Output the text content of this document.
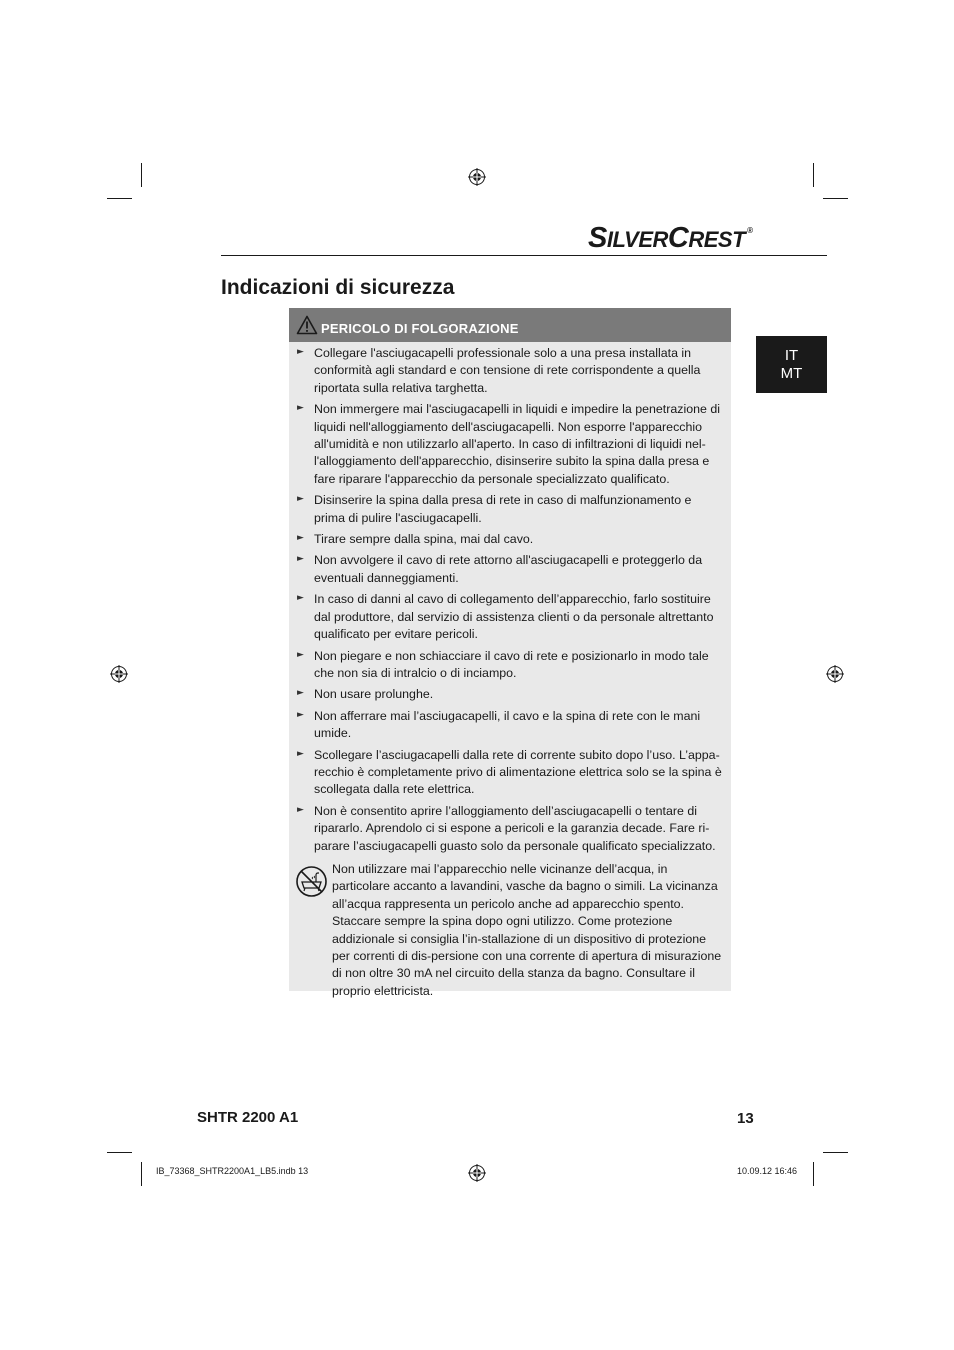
SILVERCREST ®
Indicazioni di sicurezza
IT
MT
PERICOLO DI FOLGORAZIONE
► Collegare l'asciugacapelli professionale solo a una presa installata in conformità agli standard e con tensione di rete corrispondente a quella riportata sulla relativa targhetta.
► Non immergere mai l'asciugacapelli in liquidi e impedire la penetrazione di liquidi nell'alloggiamento dell'asciugacapelli. Non esporre l'apparecchio all'umidità e non utilizzarlo all'aperto. In caso di infiltrazioni di liquidi nel-l'alloggiamento dell'apparecchio, disinserire subito la spina dalla presa e fare riparare l'apparecchio da personale specializzato qualificato.
► Disinserire la spina dalla presa di rete in caso di malfunzionamento e prima di pulire l'asciugacapelli.
► Tirare sempre dalla spina, mai dal cavo.
► Non avvolgere il cavo di rete attorno all'asciugacapelli e proteggerlo da eventuali danneggiamenti.
► In caso di danni al cavo di collegamento dell’apparecchio, farlo sostituire dal produttore, dal servizio di assistenza clienti o da personale altrettanto qualificato per evitare pericoli.
► Non piegare e non schiacciare il cavo di rete e posizionarlo in modo tale che non sia di intralcio o di inciampo.
► Non usare prolunghe.
► Non afferrare mai l’asciugacapelli, il cavo e la spina di rete con le mani umide.
► Scollegare l’asciugacapelli dalla rete di corrente subito dopo l’uso. L’appa-recchio è completamente privo di alimentazione elettrica solo se la spina è scollegata dalla rete elettrica.
► Non è consentito aprire l’alloggiamento dell’asciugacapelli o tentare di ripararlo. Aprendolo ci si espone a pericoli e la garanzia decade. Fare ri-parare l’asciugacapelli guasto solo da personale qualificato specializzato.
Non utilizzare mai l’apparecchio nelle vicinanze dell’acqua, in particolare accanto a lavandini, vasche da bagno o simili. La vicinanza all’acqua rappresenta un pericolo anche ad apparecchio spento. Staccare sempre la spina dopo ogni utilizzo. Come protezione addizionale si consiglia l’in-stallazione di un dispositivo di protezione per correnti di dis-persione con una corrente di apertura di misurazione di non oltre 30 mA nel circuito della stanza da bagno. Consultare il proprio elettricista.
SHTR 2200 A1	13
IB_73368_SHTR2200A1_LB5.indb 13	10.09.12 16:46
